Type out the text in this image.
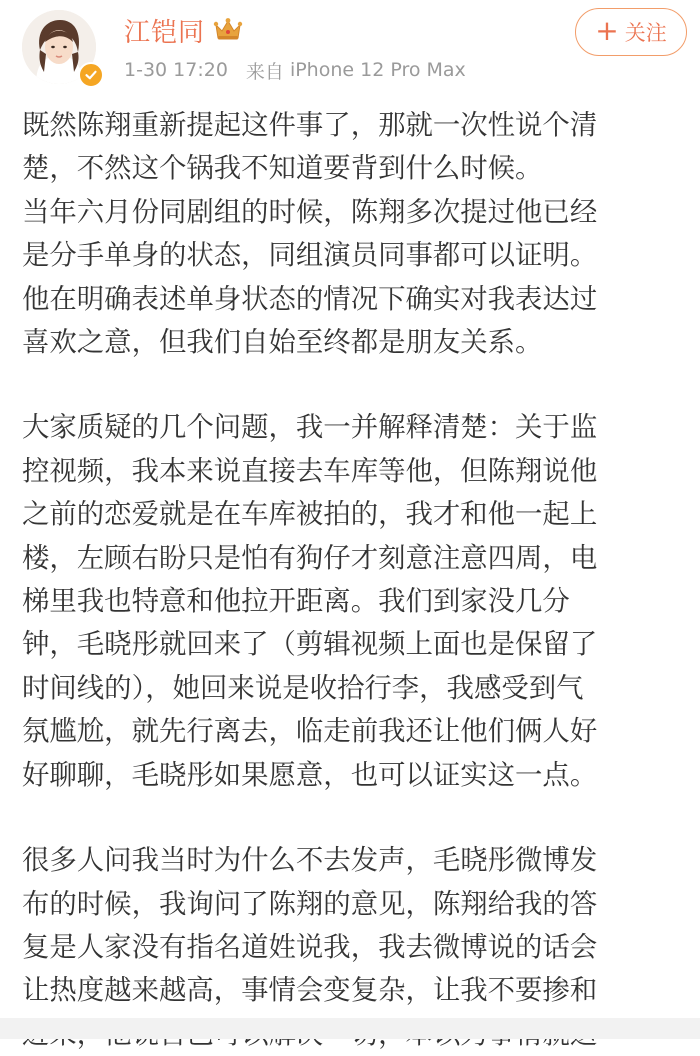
江铠同
1-30 17:20 来自 iPhone 12 Pro Max
+ 关注

既然陈翔重新提起这件事了，那就一次性说个清

楚，不然这个锅我不知道要背到什么时候。

当年六月份同剧组的时候，陈翔多次提过他已经

是分手单身的状态，同组演员同事都可以证明。

他在明确表述单身状态的情况下确实对我表达过

喜欢之意，但我们自始至终都是朋友关系。

大家质疑的几个问题，我一并解释清楚：关于监

控视频，我本来说直接去车库等他，但陈翔说他

之前的恋爱就是在车库被拍的，我才和他一起上

楼，左顾右盼只是怕有狗仔才刻意注意四周，电

梯里我也特意和他拉开距离。我们到家没几分

钟，毛晓彤就回来了（剪辑视频上面也是保留了

时间线的），她回来说是收拾行李，我感受到气

氛尴尬，就先行离去，临走前我还让他们俩人好

好聊聊，毛晓彤如果愿意，也可以证实这一点。

很多人问我当时为什么不去发声，毛晓彤微博发

布的时候，我询问了陈翔的意见，陈翔给我的答

复是人家没有指名道姓说我，我去微博说的话会

让热度越来越高，事情会变复杂，让我不要掺和
